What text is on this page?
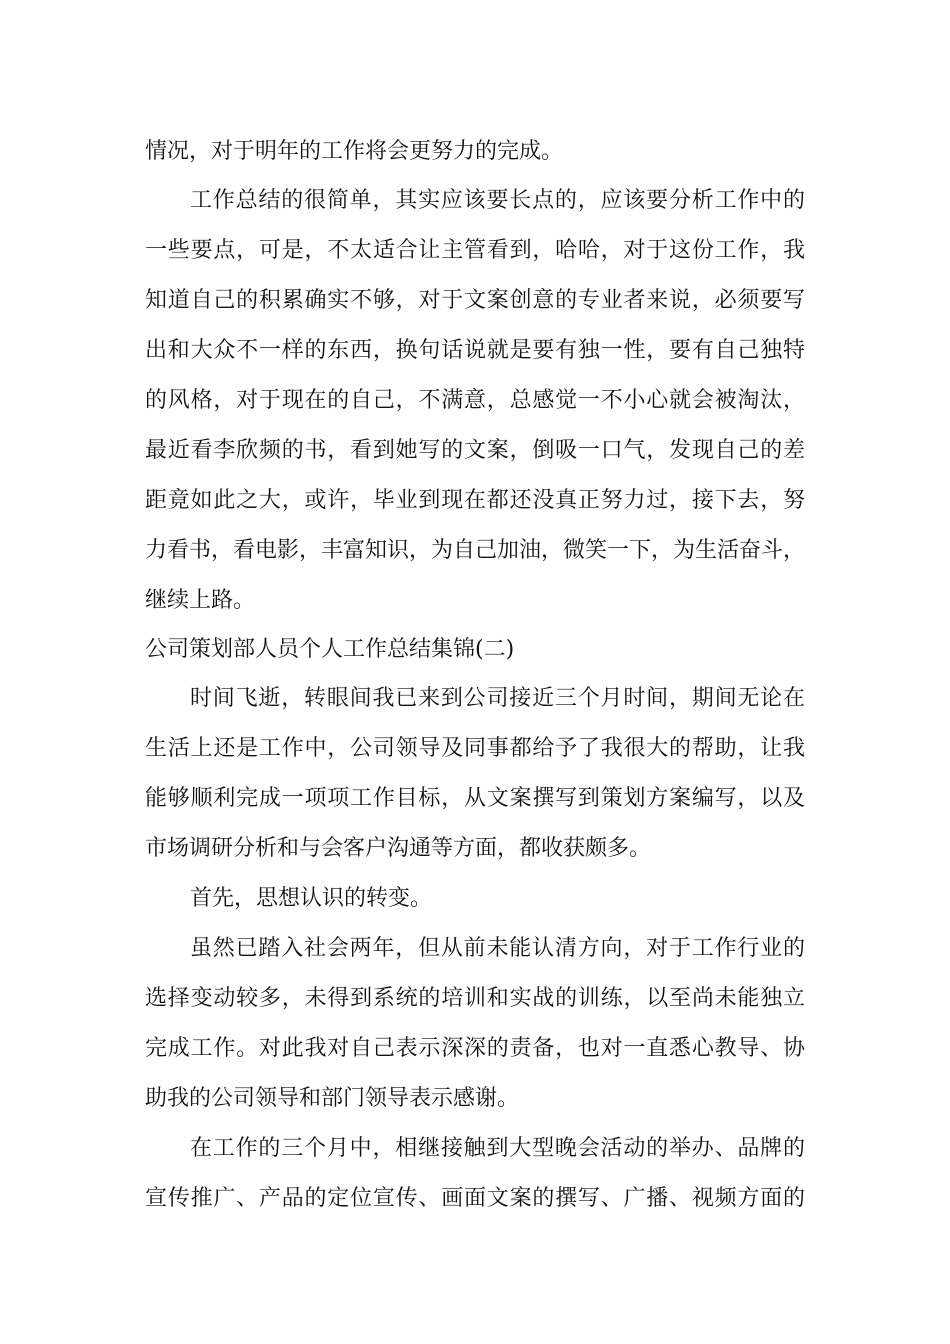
情况，对于明年的工作将会更努力的完成。

工作总结的很简单，其实应该要长点的，应该要分析工作中的

一些要点，可是，不太适合让主管看到，哈哈，对于这份工作，我

知道自己的积累确实不够，对于文案创意的专业者来说，必须要写

出和大众不一样的东西，换句话说就是要有独一性，要有自己独特

的风格，对于现在的自己，不满意，总感觉一不小心就会被淘汰，

最近看李欣频的书，看到她写的文案，倒吸一口气，发现自己的差

距竟如此之大，或许，毕业到现在都还没真正努力过，接下去，努

力看书，看电影，丰富知识，为自己加油，微笑一下，为生活奋斗，

继续上路。

公司策划部人员个人工作总结集锦(二)

时间飞逝，转眼间我已来到公司接近三个月时间，期间无论在

生活上还是工作中，公司领导及同事都给予了我很大的帮助，让我

能够顺利完成一项项工作目标，从文案撰写到策划方案编写，以及

市场调研分析和与会客户沟通等方面，都收获颇多。

首先，思想认识的转变。

虽然已踏入社会两年，但从前未能认清方向，对于工作行业的

选择变动较多，未得到系统的培训和实战的训练，以至尚未能独立

完成工作。对此我对自己表示深深的责备，也对一直悉心教导、协

助我的公司领导和部门领导表示感谢。

在工作的三个月中，相继接触到大型晚会活动的举办、品牌的

宣传推广、产品的定位宣传、画面文案的撰写、广播、视频方面的
